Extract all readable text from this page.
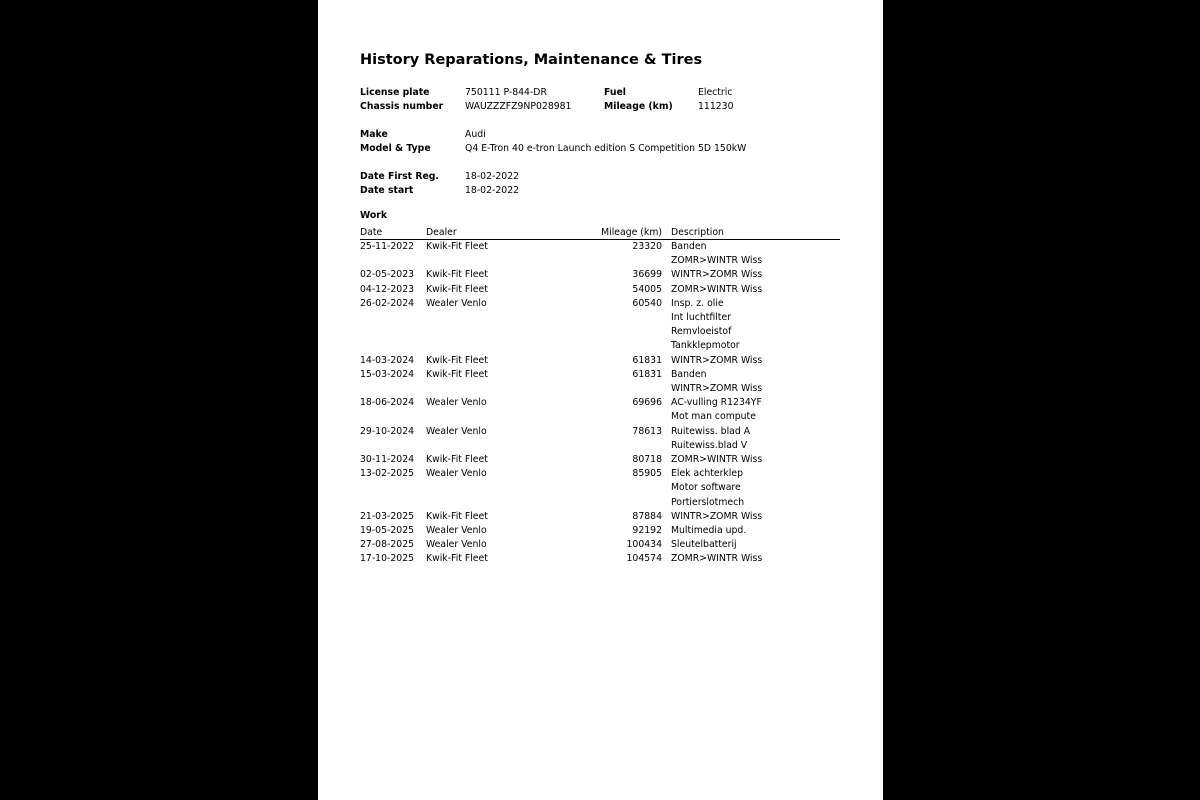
History Reparations, Maintenance & Tires
License plate	750111 P-844-DR	Fuel	Electric
Chassis number WAUZZZFZ9NP028981	Mileage (km)	111230
Make	Audi
Model & Type	Q4 E-Tron 40 e-tron Launch edition S Competition 5D 150kW
Date First Reg.	18-02-2022
Date start	18-02-2022
Work
Date	Dealer	Mileage (km) Description
25-11-2022 Kwik-Fit Fleet	23320 Banden
ZOMR>WINTR Wiss
02-05-2023 Kwik-Fit Fleet	36699 WINTR>ZOMR Wiss
04-12-2023 Kwik-Fit Fleet	54005 ZOMR>WINTR Wiss
26-02-2024 Wealer Venlo	60540 Insp. z. olie
Int luchtfilter
Remvloeistof
Tankklepmotor
14-03-2024 Kwik-Fit Fleet	61831 WINTR>ZOMR Wiss
15-03-2024 Kwik-Fit Fleet	61831 Banden
WINTR>ZOMR Wiss
18-06-2024 Wealer Venlo	69696 AC-vulling R1234YF
Mot man compute
29-10-2024 Wealer Venlo	78613 Ruitewiss. blad A
Ruitewiss.blad V
30-11-2024 Kwik-Fit Fleet	80718 ZOMR>WINTR Wiss
13-02-2025 Wealer Venlo	85905 Elek achterklep
Motor software
Portierslotmech
21-03-2025 Kwik-Fit Fleet	87884 WINTR>ZOMR Wiss
19-05-2025 Wealer Venlo	92192 Multimedia upd.
27-08-2025 Wealer Venlo	100434 Sleutelbatterij
17-10-2025 Kwik-Fit Fleet	104574 ZOMR>WINTR Wiss
